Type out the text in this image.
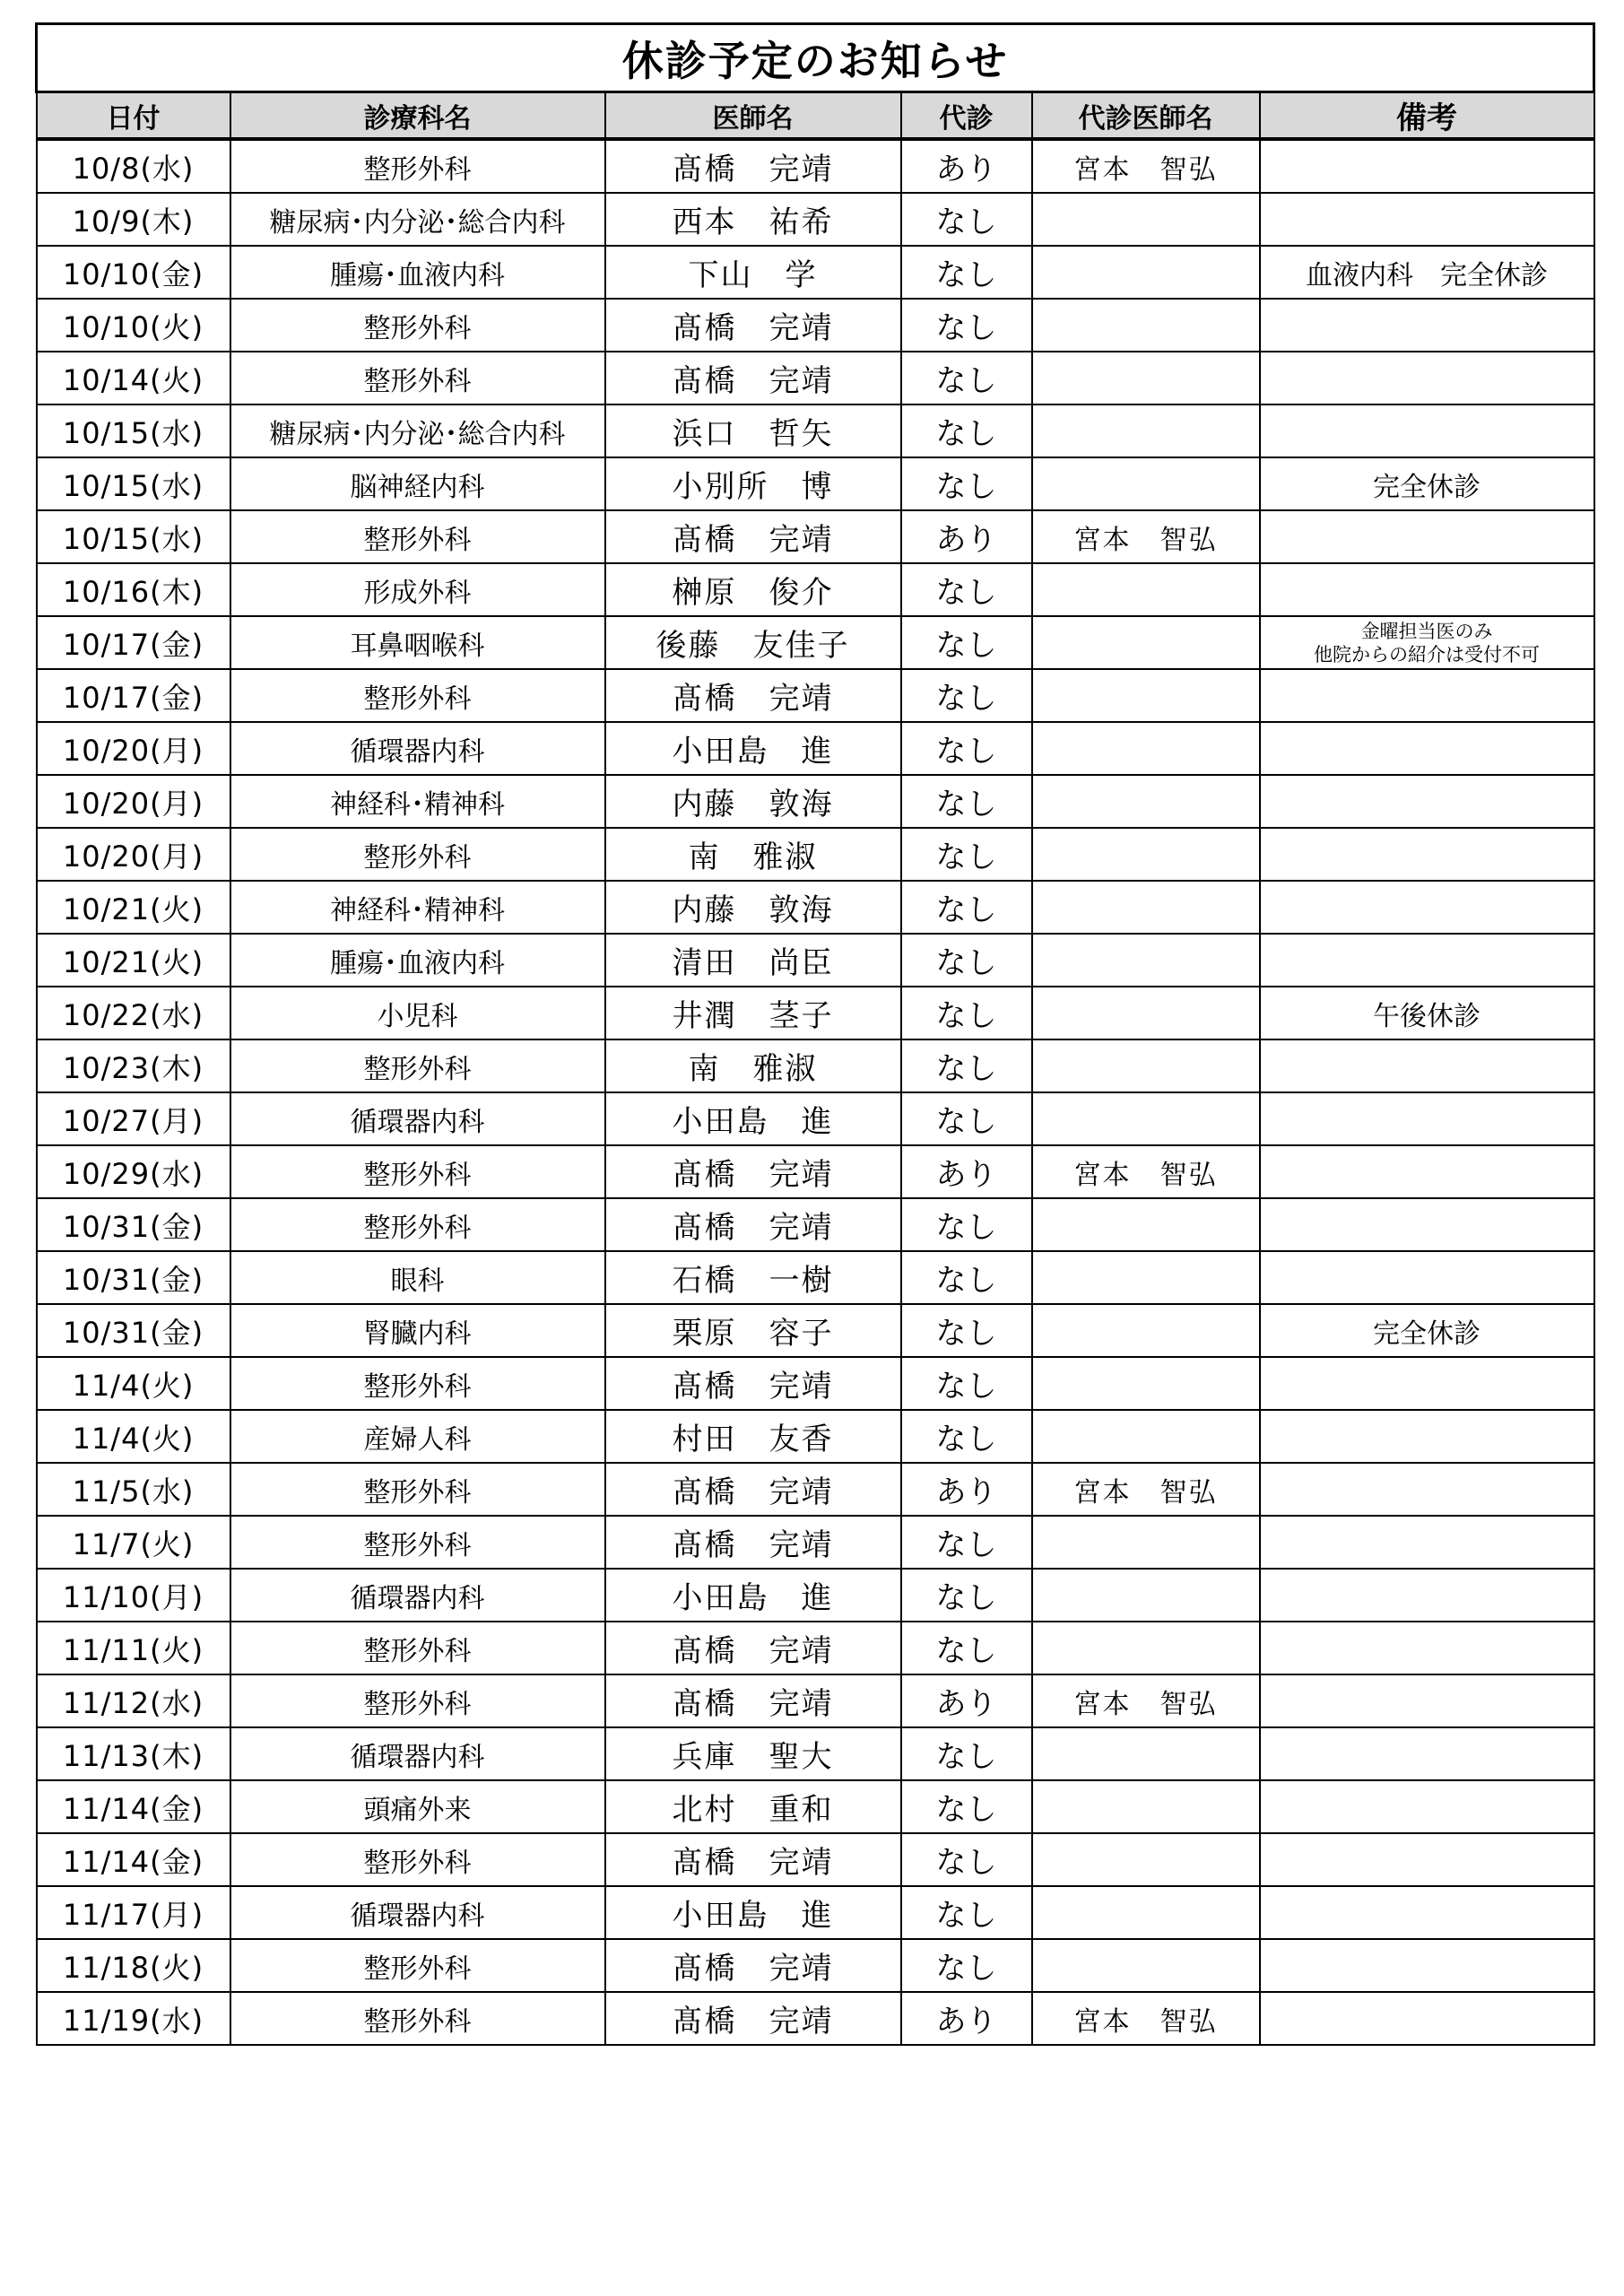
休診予定のお知らせ					
日付	診療科名	医師名	代診	代診医師名	備考
10/8(水)	整形外科	髙橋　完靖	あり	宮本　智弘	
10/9(木)	糖尿病･内分泌･総合内科	西本　祐希	なし		
10/10(金)	腫瘍･血液内科	下山　学	なし		血液内科　完全休診
10/10(火)	整形外科	髙橋　完靖	なし		
10/14(火)	整形外科	髙橋　完靖	なし		
10/15(水)	糖尿病･内分泌･総合内科	浜口　哲矢	なし		
10/15(水)	脳神経内科	小別所　博	なし		完全休診
10/15(水)	整形外科	髙橋　完靖	あり	宮本　智弘	
10/16(木)	形成外科	榊原　俊介	なし		
10/17(金)	耳鼻咽喉科	後藤　友佳子	なし		金曜担当医のみ
他院からの紹介は受付不可

10/17(金)	整形外科	髙橋　完靖	なし		
10/20(月)	循環器内科	小田島　進	なし		
10/20(月)	神経科･精神科	内藤　敦海	なし		
10/20(月)	整形外科	南　雅淑	なし		
10/21(火)	神経科･精神科	内藤　敦海	なし		
10/21(火)	腫瘍･血液内科	清田　尚臣	なし		
10/22(水)	小児科	井潤　茎子	なし		午後休診
10/23(木)	整形外科	南　雅淑	なし		
10/27(月)	循環器内科	小田島　進	なし		
10/29(水)	整形外科	髙橋　完靖	あり	宮本　智弘	
10/31(金)	整形外科	髙橋　完靖	なし		
10/31(金)	眼科	石橋　一樹	なし		
10/31(金)	腎臓内科	栗原　容子	なし		完全休診
11/4(火)	整形外科	髙橋　完靖	なし		
11/4(火)	産婦人科	村田　友香	なし		
11/5(水)	整形外科	髙橋　完靖	あり	宮本　智弘	
11/7(火)	整形外科	髙橋　完靖	なし		
11/10(月)	循環器内科	小田島　進	なし		
11/11(火)	整形外科	髙橋　完靖	なし		
11/12(水)	整形外科	髙橋　完靖	あり	宮本　智弘	
11/13(木)	循環器内科	兵庫　聖大	なし		
11/14(金)	頭痛外来	北村　重和	なし		
11/14(金)	整形外科	髙橋　完靖	なし		
11/17(月)	循環器内科	小田島　進	なし		
11/18(火)	整形外科	髙橋　完靖	なし		
11/19(水)	整形外科	髙橋　完靖	あり	宮本　智弘	
